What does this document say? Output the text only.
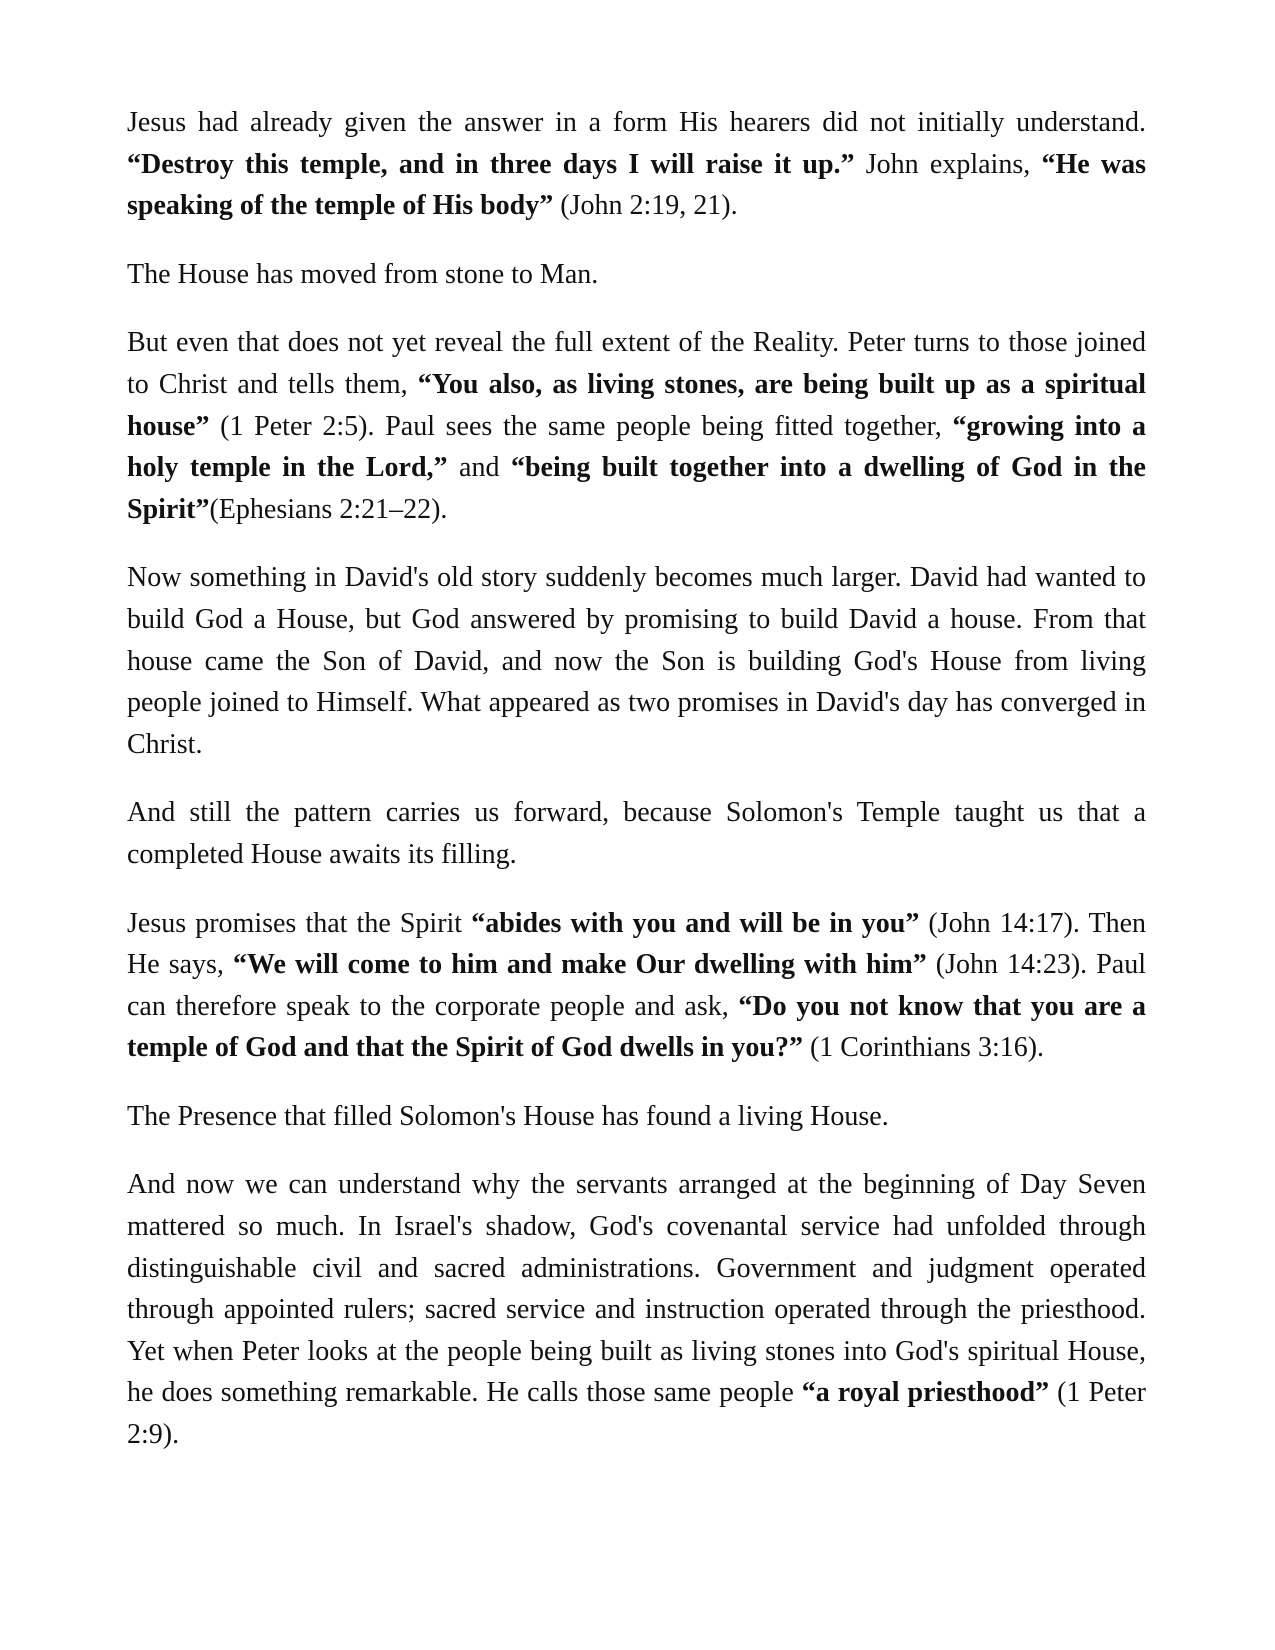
Jesus had already given the answer in a form His hearers did not initially understand. “Destroy this temple, and in three days I will raise it up.” John explains, “He was speaking of the temple of His body” (John 2:19, 21).

The House has moved from stone to Man.

But even that does not yet reveal the full extent of the Reality. Peter turns to those joined to Christ and tells them, “You also, as living stones, are being built up as a spiritual house” (1 Peter 2:5). Paul sees the same people being fitted together, “growing into a holy temple in the Lord,” and “being built together into a dwelling of God in the Spirit”(Ephesians 2:21–22).

Now something in David's old story suddenly becomes much larger. David had wanted to build God a House, but God answered by promising to build David a house. From that house came the Son of David, and now the Son is building God's House from living people joined to Himself. What appeared as two promises in David's day has converged in Christ.

And still the pattern carries us forward, because Solomon's Temple taught us that a completed House awaits its filling.

Jesus promises that the Spirit “abides with you and will be in you” (John 14:17). Then He says, “We will come to him and make Our dwelling with him” (John 14:23). Paul can therefore speak to the corporate people and ask, “Do you not know that you are a temple of God and that the Spirit of God dwells in you?” (1 Corinthians 3:16).

The Presence that filled Solomon's House has found a living House.

And now we can understand why the servants arranged at the beginning of Day Seven mattered so much. In Israel's shadow, God's covenantal service had unfolded through distinguishable civil and sacred administrations. Government and judgment operated through appointed rulers; sacred service and instruction operated through the priesthood. Yet when Peter looks at the people being built as living stones into God's spiritual House, he does something remarkable. He calls those same people “a royal priesthood” (1 Peter 2:9).
